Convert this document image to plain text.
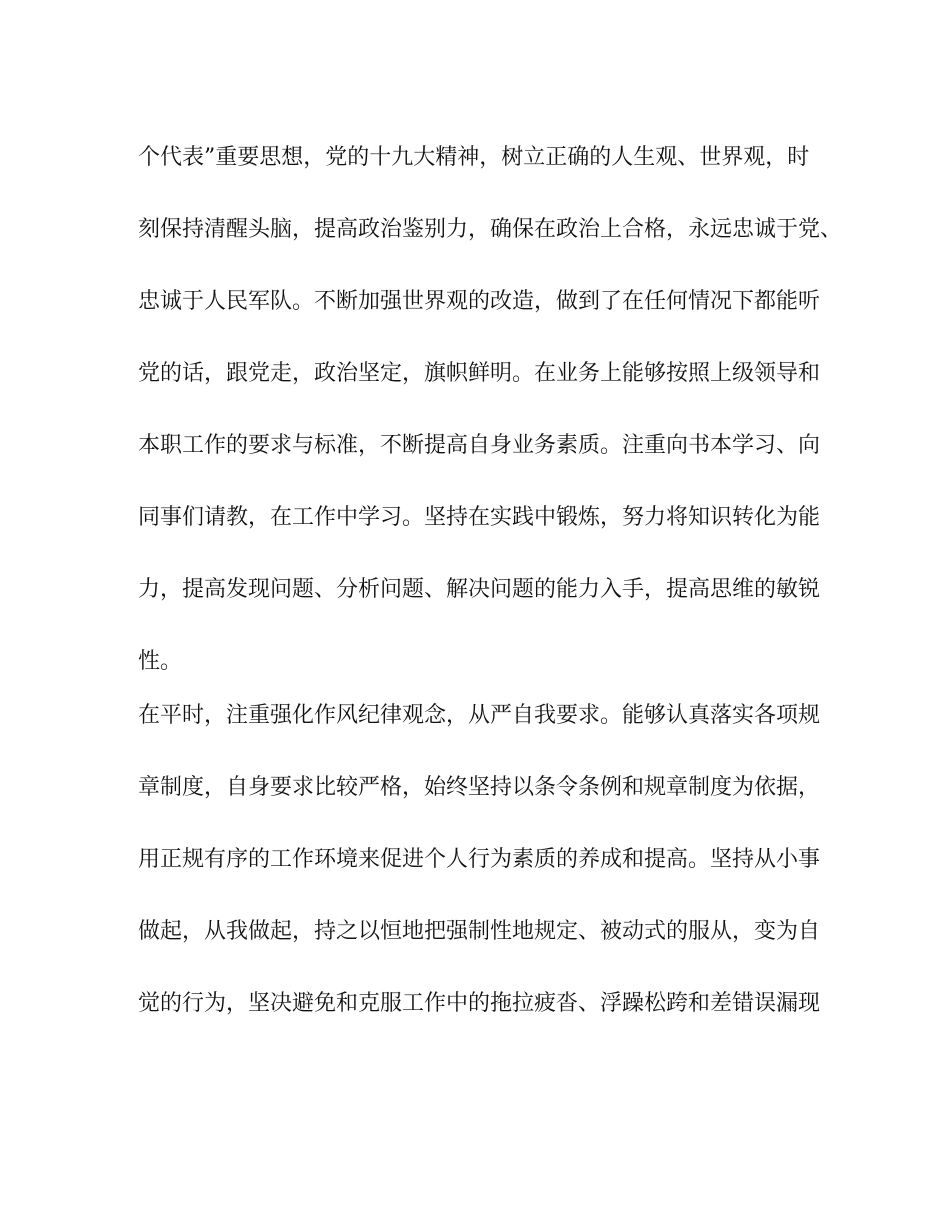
个代表”重要思想，党的十九大精神，树立正确的人生观、世界观，时
刻保持清醒头脑，提高政治鉴别力，确保在政治上合格，永远忠诚于党、
忠诚于人民军队。不断加强世界观的改造，做到了在任何情况下都能听
党的话，跟党走，政治坚定，旗帜鲜明。在业务上能够按照上级领导和
本职工作的要求与标准，不断提高自身业务素质。注重向书本学习、向
同事们请教，在工作中学习。坚持在实践中锻炼，努力将知识转化为能
力，提高发现问题、分析问题、解决问题的能力入手，提高思维的敏锐
性。
在平时，注重强化作风纪律观念，从严自我要求。能够认真落实各项规
章制度，自身要求比较严格，始终坚持以条令条例和规章制度为依据，
用正规有序的工作环境来促进个人行为素质的养成和提高。坚持从小事
做起，从我做起，持之以恒地把强制性地规定、被动式的服从，变为自
觉的行为，坚决避免和克服工作中的拖拉疲沓、浮躁松跨和差错误漏现
